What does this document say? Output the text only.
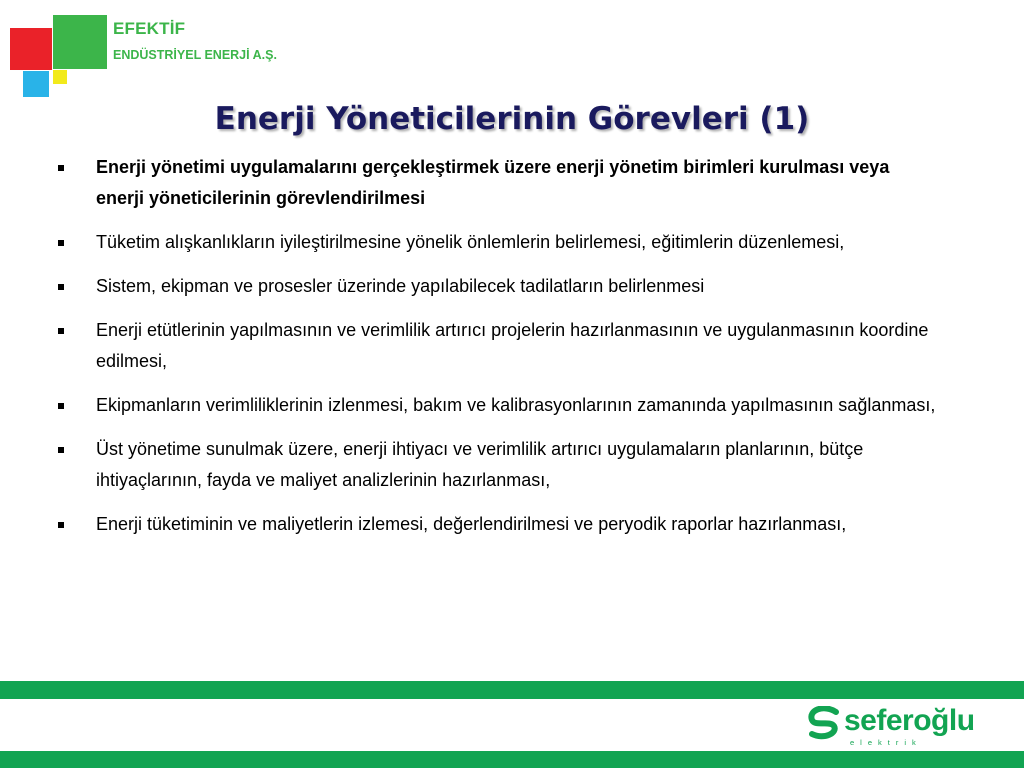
EFEKTİF
ENDÜSTRİYEL ENERJİ A.Ş.
Enerji Yöneticilerinin Görevleri (1)
Enerji yönetimi uygulamalarını gerçekleştirmek üzere enerji yönetim birimleri kurulması veya enerji yöneticilerinin görevlendirilmesi
Tüketim alışkanlıkların iyileştirilmesine yönelik önlemlerin belirlemesi, eğitimlerin düzenlemesi,
Sistem, ekipman ve prosesler üzerinde yapılabilecek tadilatların belirlenmesi
Enerji etütlerinin yapılmasının ve verimlilik artırıcı projelerin hazırlanmasının ve uygulanmasının koordine edilmesi,
Ekipmanların verimliliklerinin izlenmesi, bakım ve kalibrasyonlarının zamanında yapılmasının sağlanması,
Üst yönetime sunulmak üzere, enerji ihtiyacı ve verimlilik artırıcı uygulamaların planlarının, bütçe ihtiyaçlarının, fayda ve maliyet analizlerinin hazırlanması,
Enerji tüketiminin ve maliyetlerin izlemesi, değerlendirilmesi ve peryodik raporlar hazırlanması,
seferoğlu
elektrik
